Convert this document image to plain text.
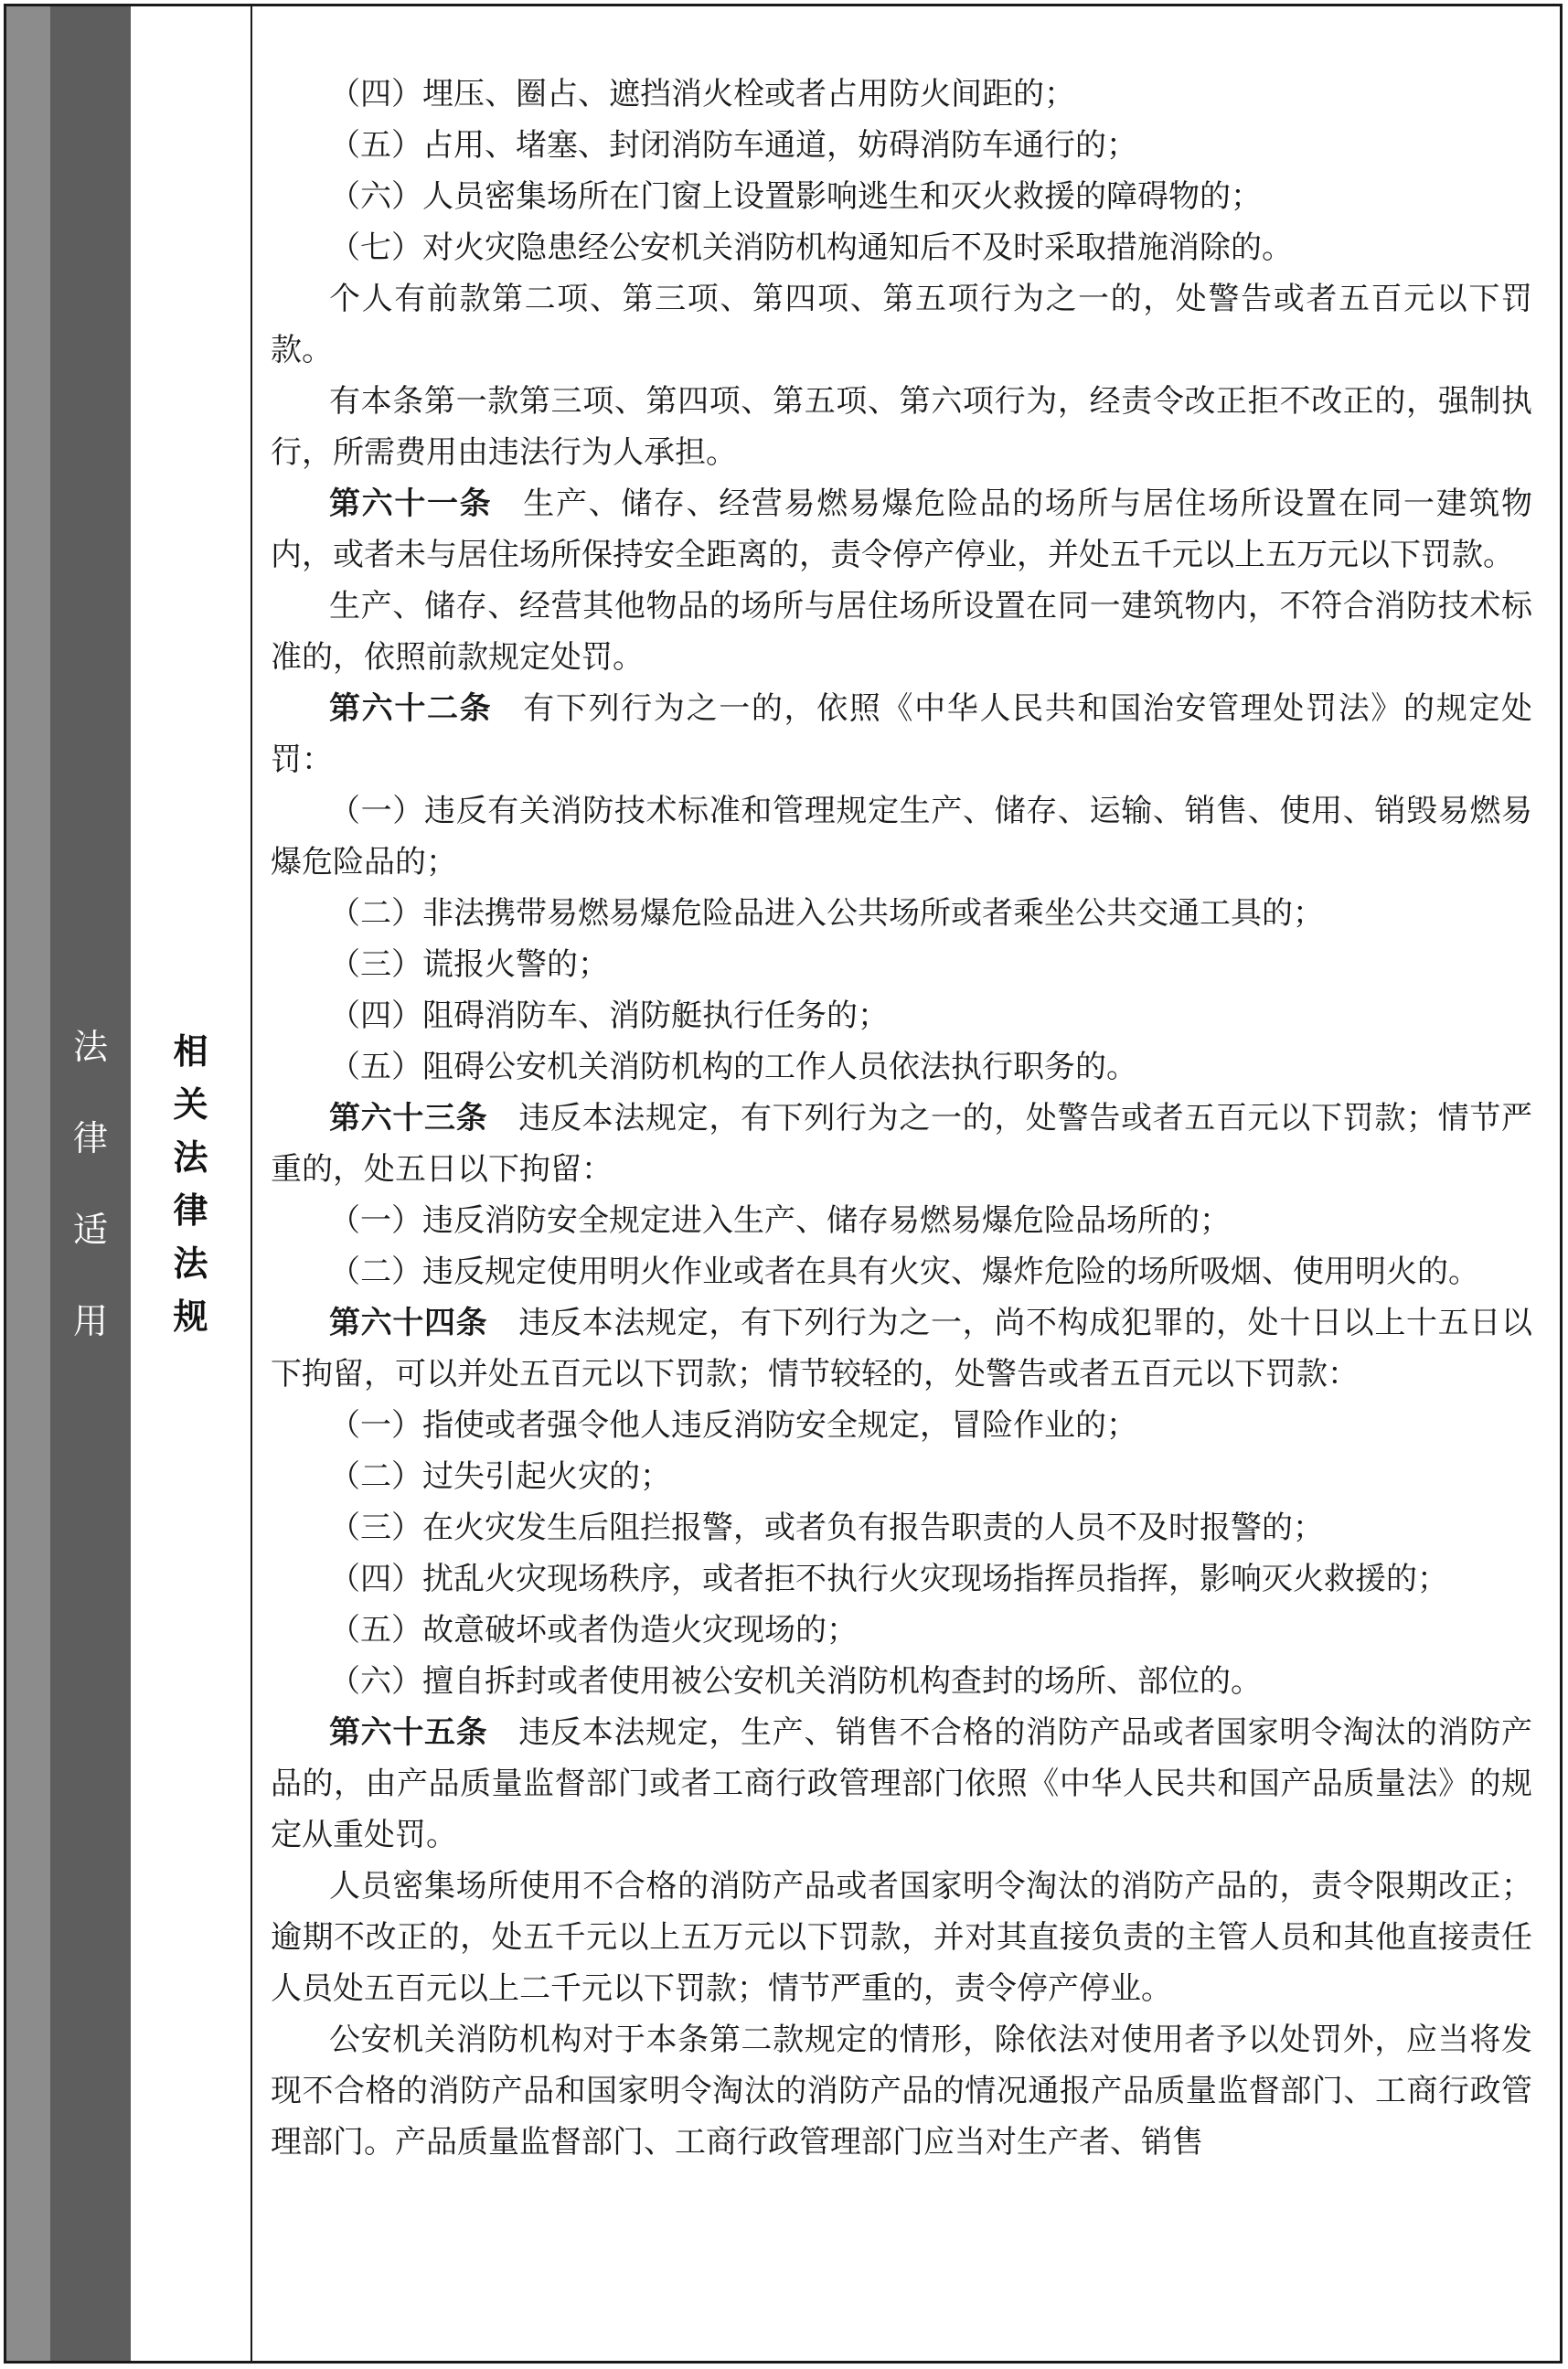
法
律
适
用
相
关
法
律
法
规

（四）埋压、圈占、遮挡消火栓或者占用防火间距的；

（五）占用、堵塞、封闭消防车通道，妨碍消防车通行的；

（六）人员密集场所在门窗上设置影响逃生和灭火救援的障碍物的；

（七）对火灾隐患经公安机关消防机构通知后不及时采取措施消除的。

个人有前款第二项、第三项、第四项、第五项行为之一的，处警告或者五百元以下罚款。

有本条第一款第三项、第四项、第五项、第六项行为，经责令改正拒不改正的，强制执行，所需费用由违法行为人承担。

第六十一条 生产、储存、经营易燃易爆危险品的场所与居住场所设置在同一建筑物内，或者未与居住场所保持安全距离的，责令停产停业，并处五千元以上五万元以下罚款。

生产、储存、经营其他物品的场所与居住场所设置在同一建筑物内，不符合消防技术标准的，依照前款规定处罚。

第六十二条 有下列行为之一的，依照《中华人民共和国治安管理处罚法》的规定处罚：

（一）违反有关消防技术标准和管理规定生产、储存、运输、销售、使用、销毁易燃易爆危险品的；

（二）非法携带易燃易爆危险品进入公共场所或者乘坐公共交通工具的；

（三）谎报火警的；

（四）阻碍消防车、消防艇执行任务的；

（五）阻碍公安机关消防机构的工作人员依法执行职务的。

第六十三条 违反本法规定，有下列行为之一的，处警告或者五百元以下罚款；情节严重的，处五日以下拘留：

（一）违反消防安全规定进入生产、储存易燃易爆危险品场所的；

（二）违反规定使用明火作业或者在具有火灾、爆炸危险的场所吸烟、使用明火的。

第六十四条 违反本法规定，有下列行为之一，尚不构成犯罪的，处十日以上十五日以下拘留，可以并处五百元以下罚款；情节较轻的，处警告或者五百元以下罚款：

（一）指使或者强令他人违反消防安全规定，冒险作业的；

（二）过失引起火灾的；

（三）在火灾发生后阻拦报警，或者负有报告职责的人员不及时报警的；

（四）扰乱火灾现场秩序，或者拒不执行火灾现场指挥员指挥，影响灭火救援的；

（五）故意破坏或者伪造火灾现场的；

（六）擅自拆封或者使用被公安机关消防机构查封的场所、部位的。

第六十五条 违反本法规定，生产、销售不合格的消防产品或者国家明令淘汰的消防产品的，由产品质量监督部门或者工商行政管理部门依照《中华人民共和国产品质量法》的规定从重处罚。

人员密集场所使用不合格的消防产品或者国家明令淘汰的消防产品的，责令限期改正；逾期不改正的，处五千元以上五万元以下罚款，并对其直接负责的主管人员和其他直接责任人员处五百元以上二千元以下罚款；情节严重的，责令停产停业。

公安机关消防机构对于本条第二款规定的情形，除依法对使用者予以处罚外，应当将发现不合格的消防产品和国家明令淘汰的消防产品的情况通报产品质量监督部门、工商行政管理部门。产品质量监督部门、工商行政管理部门应当对生产者、销售
